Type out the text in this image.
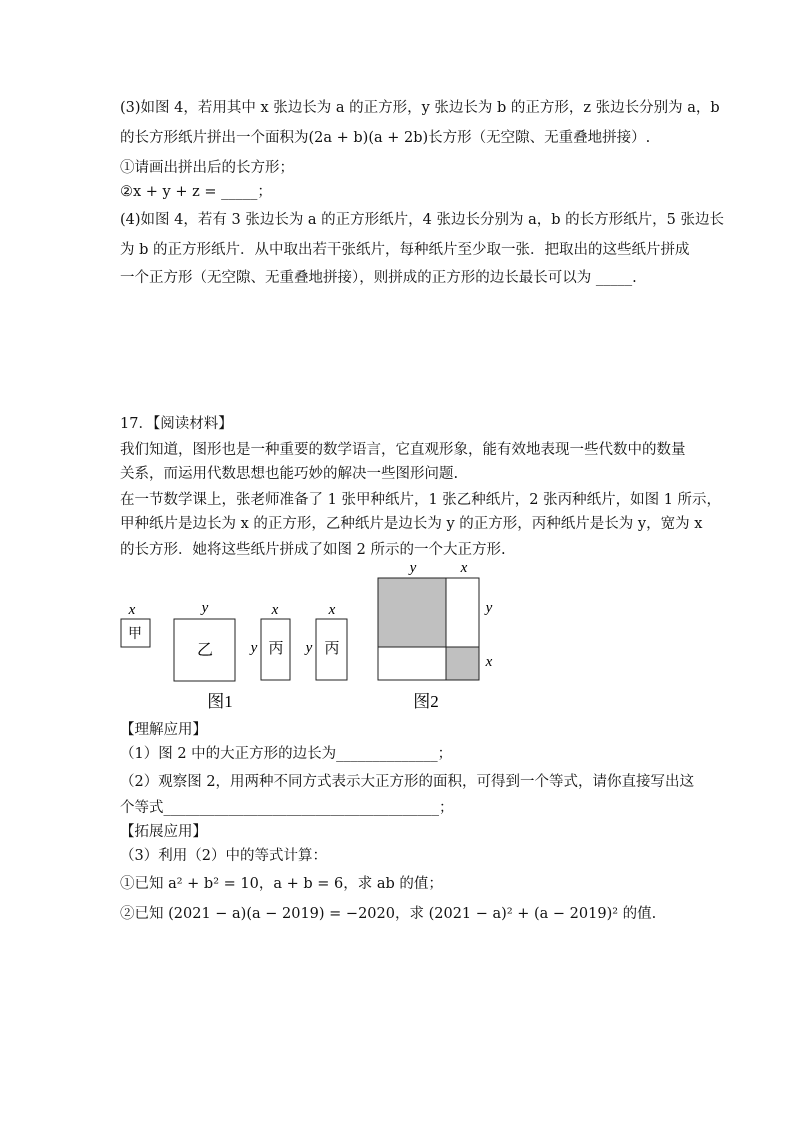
(3)如图 4，若用其中 x 张边长为 a 的正方形，y 张边长为 b 的正方形，z 张边长分别为 a，b
的长方形纸片拼出一个面积为(2a + b)(a + 2b)长方形（无空隙、无重叠地拼接）.
①请画出拼出后的长方形；
②x + y + z = _____；
(4)如图 4，若有 3 张边长为 a 的正方形纸片，4 张边长分别为 a，b 的长方形纸片，5 张边长
为 b 的正方形纸片．从中取出若干张纸片，每种纸片至少取一张．把取出的这些纸片拼成
一个正方形（无空隙、无重叠地拼接），则拼成的正方形的边长最长可以为 _____.
17．【阅读材料】
我们知道，图形也是一种重要的数学语言，它直观形象，能有效地表现一些代数中的数量
关系，而运用代数思想也能巧妙的解决一些图形问题.
在一节数学课上，张老师准备了 1 张甲种纸片，1 张乙种纸片，2 张丙种纸片，如图 1 所示，
甲种纸片是边长为 x 的正方形，乙种纸片是边长为 y 的正方形，丙种纸片是长为 y，宽为 x
的长方形．她将这些纸片拼成了如图 2 所示的一个大正方形.
x
甲
y
乙
x
y 丙
x
y 丙
图1
y	x
y
x
图2
【理解应用】
（1）图 2 中的大正方形的边长为______________；
（2）观察图 2，用两种不同方式表示大正方形的面积，可得到一个等式，请你直接写出这
个等式______________________________________；
【拓展应用】
（3）利用（2）中的等式计算：
①已知 a² + b² = 10，a + b = 6，求 ab 的值；
②已知 (2021 − a)(a − 2019) = −2020，求 (2021 − a)² + (a − 2019)² 的值.
